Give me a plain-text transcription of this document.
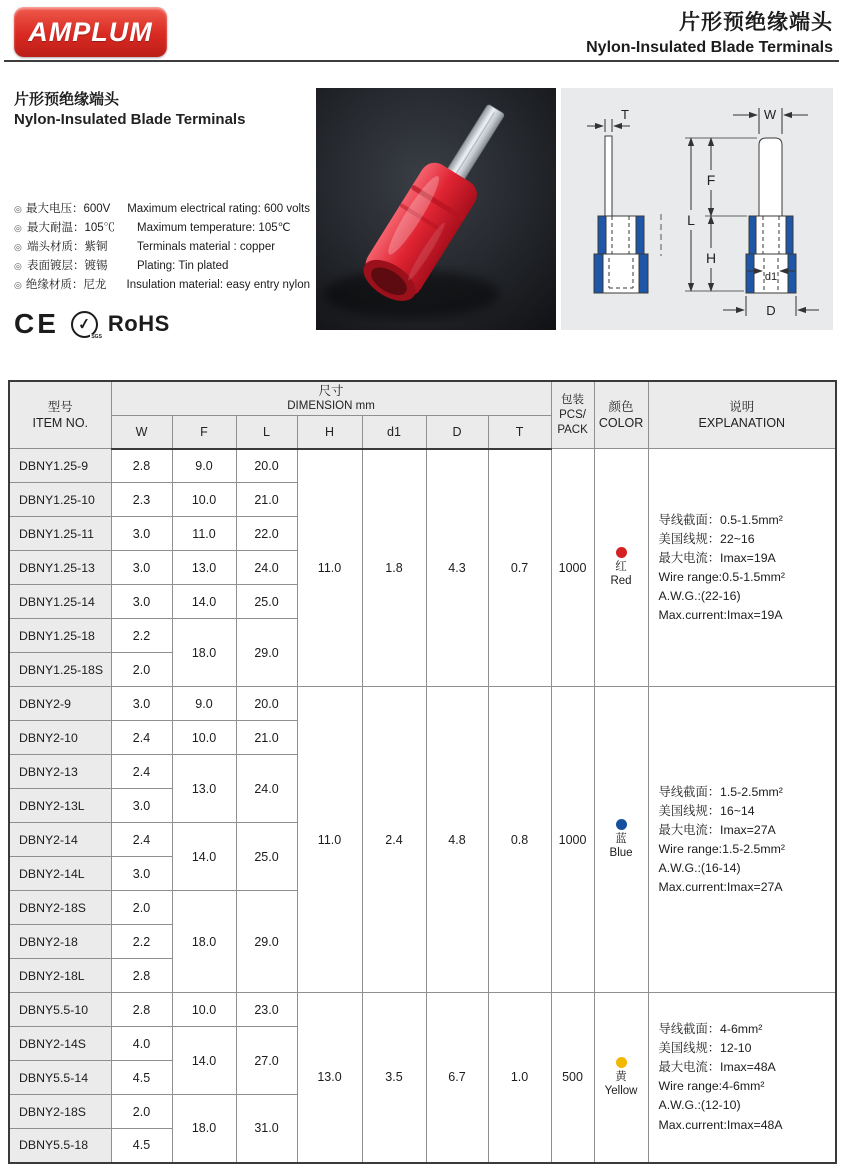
AMPLUM	片形预绝缘端头
Nylon-Insulated Blade Terminals
片形预绝缘端头
Nylon-Insulated Blade Terminals
◎ 最大电压：600V	Maximum electrical rating: 600 volts
◎ 最大耐温：105℃	Maximum temperature: 105℃
◎ 端头材质：紫铜	Terminals material : copper
◎ 表面镀层：镀锡	Plating: Tin plated
◎ 绝缘材质：尼龙	Insulation material: easy entry nylon
CE ✓
SGS
RoHS
T
L
F
H
W
d1
D
型号
ITEM NO.

尺寸
DIMENSION mm

包装
PCS/
PACK

颜色
COLOR

说明
EXPLANATION

	W	F	L	H	d1	D	T			
DBNY1.25-9	2.8	9.0	20.0	11.0	1.8	4.3	0.7	1000	红
Red

导线截面：0.5-1.5mm²
美国线规：22~16
最大电流：Imax=19A
Wire range:0.5-1.5mm²
A.W.G.:(22-16)
Max.current:Imax=19A

DBNY1.25-10	2.3	10.0	21.0							
DBNY1.25-11	3.0	11.0	22.0							
DBNY1.25-13	3.0	13.0	24.0							
DBNY1.25-14	3.0	14.0	25.0							
DBNY1.25-18	2.2	18.0	29.0							
DBNY1.25-18S	2.0									
DBNY2-9	3.0	9.0	20.0	11.0	2.4	4.8	0.8	1000	蓝
Blue

导线截面：1.5-2.5mm²
美国线规：16~14
最大电流：Imax=27A
Wire range:1.5-2.5mm²
A.W.G.:(16-14)
Max.current:Imax=27A

DBNY2-10	2.4	10.0	21.0							
DBNY2-13	2.4	13.0	24.0							
DBNY2-13L	3.0									
DBNY2-14	2.4	14.0	25.0							
DBNY2-14L	3.0									
DBNY2-18S	2.0	18.0	29.0							
DBNY2-18	2.2									
DBNY2-18L	2.8									
DBNY5.5-10	2.8	10.0	23.0	13.0	3.5	6.7	1.0	500	黄
Yellow

导线截面：4-6mm²
美国线规：12-10
最大电流：Imax=48A
Wire range:4-6mm²
A.W.G.:(12-10)
Max.current:Imax=48A

DBNY2-14S	4.0	14.0	27.0							
DBNY5.5-14	4.5									
DBNY2-18S	2.0	18.0	31.0							
DBNY5.5-18	4.5									
